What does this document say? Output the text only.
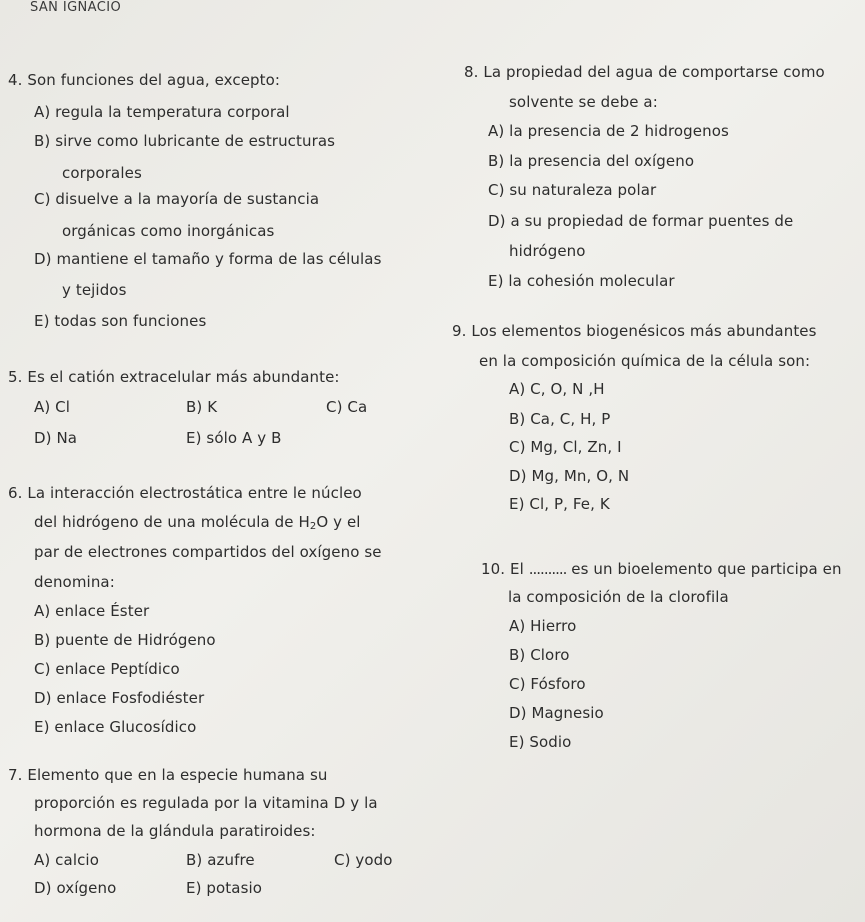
SAN IGNACIO
4. Son funciones del agua, excepto:
A) regula la temperatura corporal
B) sirve como lubricante de estructuras
corporales
C) disuelve a la mayoría de sustancia
orgánicas como inorgánicas
D) mantiene el tamaño y forma de las células
y tejidos
E) todas son funciones
5. Es el catión extracelular más abundante:
A) Cl	B) K	C) Ca
D) Na	E) sólo A y B
6. La interacción electrostática entre le núcleo
del hidrógeno de una molécula de H2O y el
par de electrones compartidos del oxígeno se
denomina:
A) enlace Éster
B) puente de Hidrógeno
C) enlace Peptídico
D) enlace Fosfodiéster
E) enlace Glucosídico
7. Elemento que en la especie humana su
proporción es regulada por la vitamina D y la
hormona de la glándula paratiroides:
A) calcio	B) azufre	C) yodo
D) oxígeno	E) potasio
8. La propiedad del agua de comportarse como
solvente se debe a:
A) la presencia de 2 hidrogenos
B) la presencia del oxígeno
C) su naturaleza polar
D) a su propiedad de formar puentes de
hidrógeno
E) la cohesión molecular
9. Los elementos biogenésicos más abundantes
en la composición química de la célula son:
A) C, O, N ,H
B) Ca, C, H, P
C) Mg, Cl, Zn, I
D) Mg, Mn, O, N
E) Cl, P, Fe, K
10. El .......... es un bioelemento que participa en
la composición de la clorofila
A) Hierro
B) Cloro
C) Fósforo
D) Magnesio
E) Sodio
